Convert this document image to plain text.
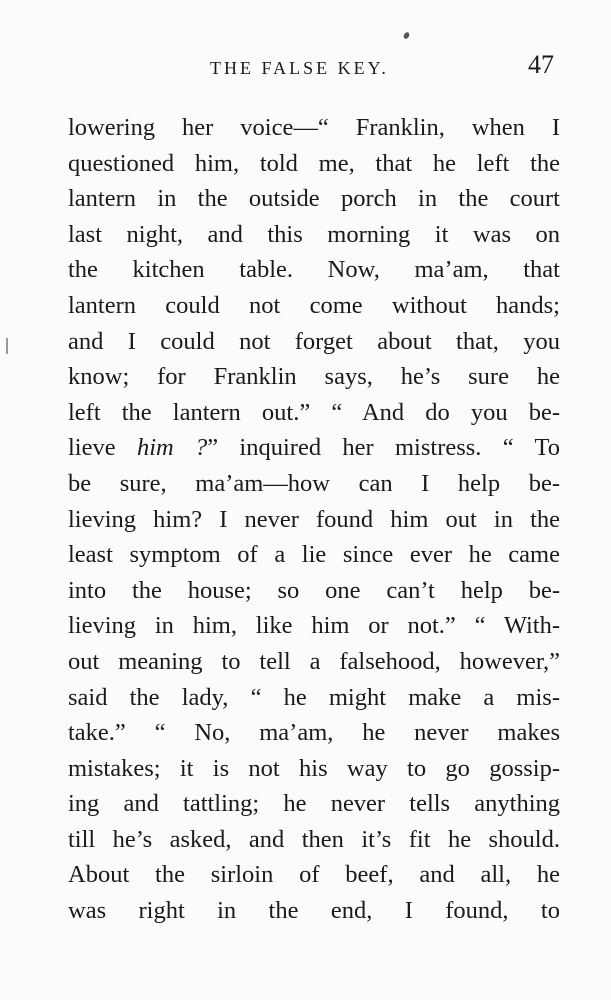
THE FALSE KEY.	47
lowering her voice—“ Franklin, when I
questioned him, told me, that he left the
lantern in the outside porch in the court
last night, and this morning it was on
the kitchen table. Now, ma’am, that
lantern could not come without hands;
and I could not forget about that, you
know; for Franklin says, he’s sure he
left the lantern out.” “ And do you be-
lieve him ?” inquired her mistress. “ To
be sure, ma’am—how can I help be-
lieving him? I never found him out in the
least symptom of a lie since ever he came
into the house; so one can’t help be-
lieving in him, like him or not.” “ With-
out meaning to tell a falsehood, however,”
said the lady, “ he might make a mis-
take.” “ No, ma’am, he never makes
mistakes; it is not his way to go gossip-
ing and tattling; he never tells anything
till he’s asked, and then it’s fit he should.
About the sirloin of beef, and all, he
was right in the end, I found, to
